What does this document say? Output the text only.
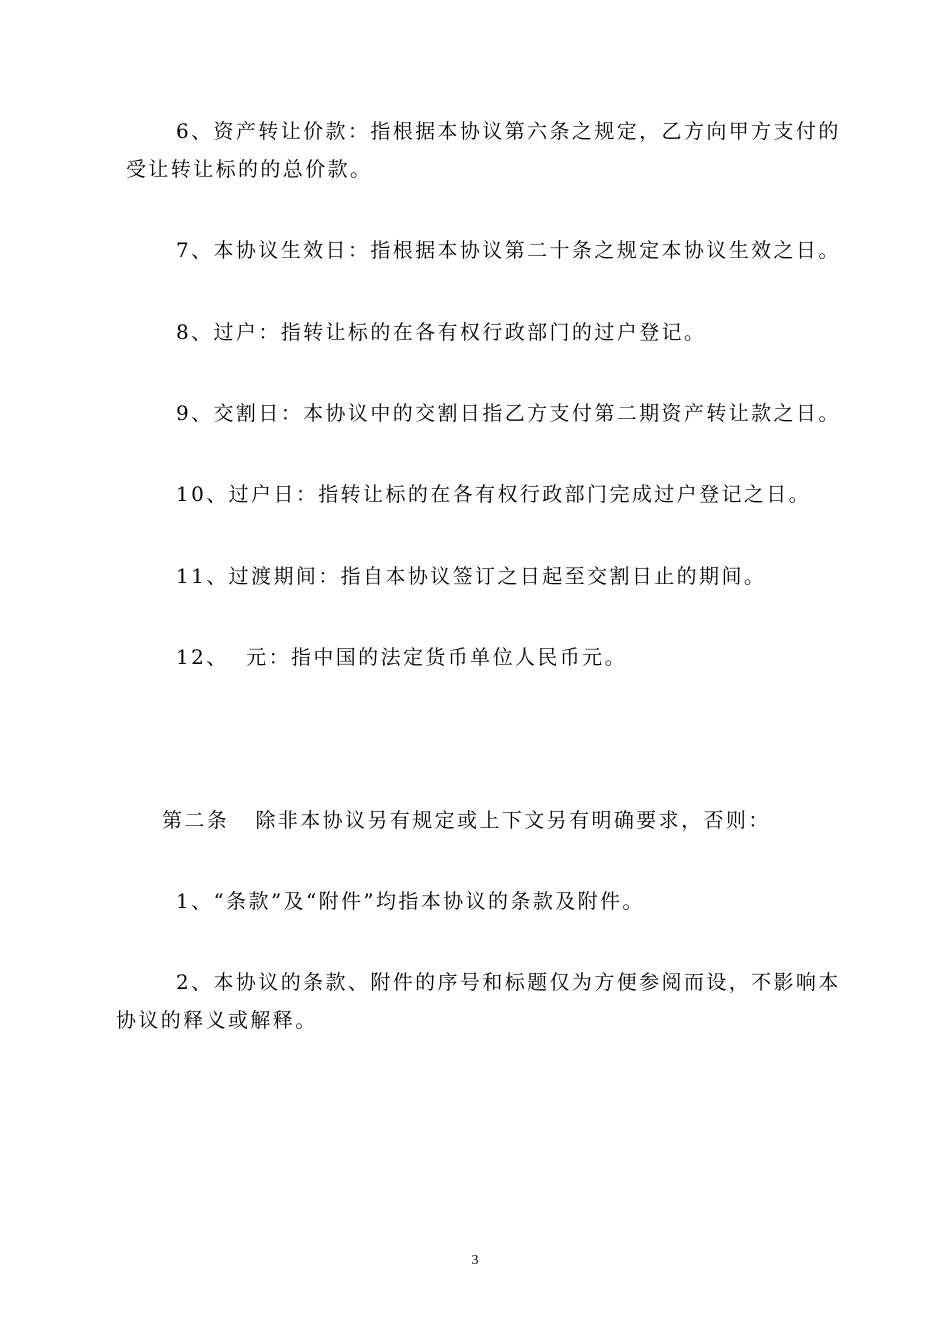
6、资产转让价款：指根据本协议第六条之规定，乙方向甲方支付的
受让转让标的的总价款。
7、本协议生效日：指根据本协议第二十条之规定本协议生效之日。
8、过户：指转让标的在各有权行政部门的过户登记。
9、交割日：本协议中的交割日指乙方支付第二期资产转让款之日。
10、过户日：指转让标的在各有权行政部门完成过户登记之日。
11、过渡期间：指自本协议签订之日起至交割日止的期间。
12、  元：指中国的法定货币单位人民币元。
第二条   除非本协议另有规定或上下文另有明确要求，否则：
1、“条款”及“附件”均指本协议的条款及附件。
2、本协议的条款、附件的序号和标题仅为方便参阅而设，不影响本
协议的释义或解释。
3
